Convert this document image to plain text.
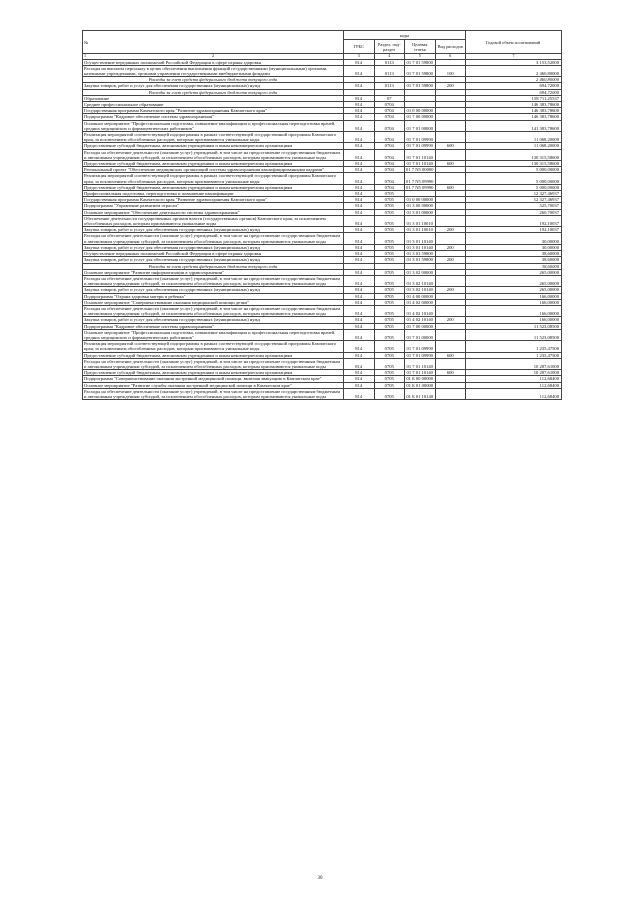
№	коды				Годовой объем ассигнований
	ГРБС	Раздел, под-раздел	Целевая статья	Вид расходов	

1 2	3	4	5	6	7
Осуществление переданных полномочий Российской Федерации в сфере охраны здоровья	814	0113	01 7 01 59800		3 153,52000
Расходы на выплаты персоналу в целях обеспечения выполнения функций государственными (муниципальными) органами, казенными учреждениями, органами управления государственными внебюджетными фондами	814	0113	01 7 01 59800	100	2 460,80000
Расходы за счет средств федерального бюджета текущего года					2 460,80000
Закупка товаров, работ и услуг для обеспечения государственных (муниципальных) нужд	814	0113	01 7 01 59800	200	694,72000
Расходы за счет средств федерального бюджета текущего года					694,72000
Образование	814	07			158 711,25537
Среднее профессиональное образование	814	0704			146 383,78600
Государственная программа Камчатского края "Развитие здравоохранения Камчатского края"	814	0704	01 0 00 00000		146 383,78600
Подпрограмма "Кадровое обеспечение системы здравоохранения"	814	0704	01 7 00 00000		146 383,78600
Основное мероприятие "Профессиональная подготовка, повышение квалификации и профессиональная переподготовка врачей, средних медицинских и фармацевтических работников"	814	0704	01 7 01 00000		141 383,78600
Реализация мероприятий соответствующей подпрограммы в рамках соответствующей государственной программы Камчатского края, за исключением обособленных расходов, которым присваиваются уникальные коды	814	0704	01 7 01 09990		11 068,20000
Предоставление субсидий бюджетным, автономным учреждениям и иным некоммерческим организациям	814	0704	01 7 01 09990	600	11 068,20000
Расходы на обеспечение деятельности (оказание услуг) учреждений, в том числе на предоставление государственным бюджетным и автономным учреждениям субсидий, за исключением обособленных расходов, которым присваиваются уникальные коды	814	0704	01 7 01 10140		130 315,58600
Предоставление субсидий бюджетным, автономным учреждениям и иным некоммерческим организациям	814	0704	01 7 01 10140	600	130 315,58600
Региональный проект "Обеспечение медицинских организаций системы здравоохранения квалифицированными кадрами"	814	0704	01 7 N5 00000		5 000,00000
Реализация мероприятий соответствующей подпрограммы в рамках соответствующей государственной программы Камчатского края, за исключением обособленных расходов, которым присваиваются уникальные коды	814	0704	01 7 N5 09990		5 000,00000
Предоставление субсидий бюджетным, автономным учреждениям и иным некоммерческим организациям	814	0704	01 7 N5 09990	600	5 000,00000
Профессиональная подготовка, переподготовка и повышение квалификации	814	0705			12 327,46937
Государственная программа Камчатского края "Развитие здравоохранения Камчатского края"	814	0705	01 0 00 00000		12 327,46937
Подпрограмма "Управление развитием отрасли"	814	0705	01 3 00 00000		525,70037
Основное мероприятие "Обеспечение деятельности системы здравоохранения"	814	0705	01 3 01 00000		260,70037
Обеспечение деятельности государственных органов власти (государственных органов) Камчатского края, за исключением обособленных расходов, которым присваиваются уникальные коды	814	0705	01 3 01 10010		192,10037
Закупка товаров, работ и услуг для обеспечения государственных (муниципальных) нужд	814	0705	01 3 01 10010	200	192,10037
Расходы на обеспечение деятельности (оказание услуг) учреждений, в том числе на предоставление государственным бюджетным и автономным учреждениям субсидий, за исключением обособленных расходов, которым присваиваются уникальные коды	814	0705	01 3 01 10140		30,00000
Закупка товаров, работ и услуг для обеспечения государственных (муниципальных) нужд	814	0705	01 3 01 10140	200	30,00000
Осуществление переданных полномочий Российской Федерации в сфере охраны здоровья	814	0705	01 3 01 59800		38,60000
Закупка товаров, работ и услуг для обеспечения государственных (муниципальных) нужд	814	0705	01 3 01 59800	200	38,60000
Расходы за счет средств федерального бюджета текущего года					38,60000
Основное мероприятие "Развитие информатизации в здравоохранении"	814	0705	01 3 02 00000		265,00000
Расходы на обеспечение деятельности (оказание услуг) учреждений, в том числе на предоставление государственным бюджетным и автономным учреждениям субсидий, за исключением обособленных расходов, которым присваиваются уникальные коды	814	0705	01 3 02 10140		265,00000
Закупка товаров, работ и услуг для обеспечения государственных (муниципальных) нужд	814	0705	01 3 02 10140	200	265,00000
Подпрограмма "Охрана здоровья матери и ребенка"	814	0705	01 4 00 00000		166,00000
Основное мероприятие "Совершенствование оказания медицинской помощи детям"	814	0705	01 4 02 00000		166,00000
Расходы на обеспечение деятельности (оказание услуг) учреждений, в том числе на предоставление государственным бюджетным и автономным учреждениям субсидий, за исключением обособленных расходов, которым присваиваются уникальные коды	814	0705	01 4 02 10140		166,00000
Закупка товаров, работ и услуг для обеспечения государственных (муниципальных) нужд	814	0705	01 4 02 10140	200	166,00000
Подпрограмма "Кадровое обеспечение системы здравоохранения"	814	0705	01 7 00 00000		11 523,08500
Основное мероприятие "Профессиональная подготовка, повышение квалификации и профессиональная переподготовка врачей, средних медицинских и фармацевтических работников"	814	0705	01 7 01 00000		11 523,08500
Реализация мероприятий соответствующей подпрограммы в рамках соответствующей государственной программы Камчатского края, за исключением обособленных расходов, которым присваиваются уникальные коды	814	0705	01 7 01 09990		1 235,47500
Предоставление субсидий бюджетным, автономным учреждениям и иным некоммерческим организациям	814	0705	01 7 01 09990	600	1 235,47500
Расходы на обеспечение деятельности (оказание услуг) учреждений, в том числе на предоставление государственным бюджетным и автономным учреждениям субсидий, за исключением обособленных расходов, которым присваиваются уникальные коды	814	0705	01 7 01 10140		10 287,61000
Предоставление субсидий бюджетным, автономным учреждениям и иным некоммерческим организациям	814	0705	01 7 01 10140	600	10 287,61000
Подпрограмма "Совершенствование оказания экстренной медицинской помощи, включая эвакуацию в Камчатском крае"	814	0705	01 Б 00 00000		112,68400
Основное мероприятие "Развитие службы оказания экстренной медицинской помощи в Камчатском крае"	814	0705	01 Б 01 00000		112,68400
Расходы на обеспечение деятельности (оказание услуг) учреждений, в том числе на предоставление государственным бюджетным и автономным учреждениям субсидий, за исключением обособленных расходов, которым присваиваются уникальные коды	814	0705	01 Б 01 10140		112,68400
30
